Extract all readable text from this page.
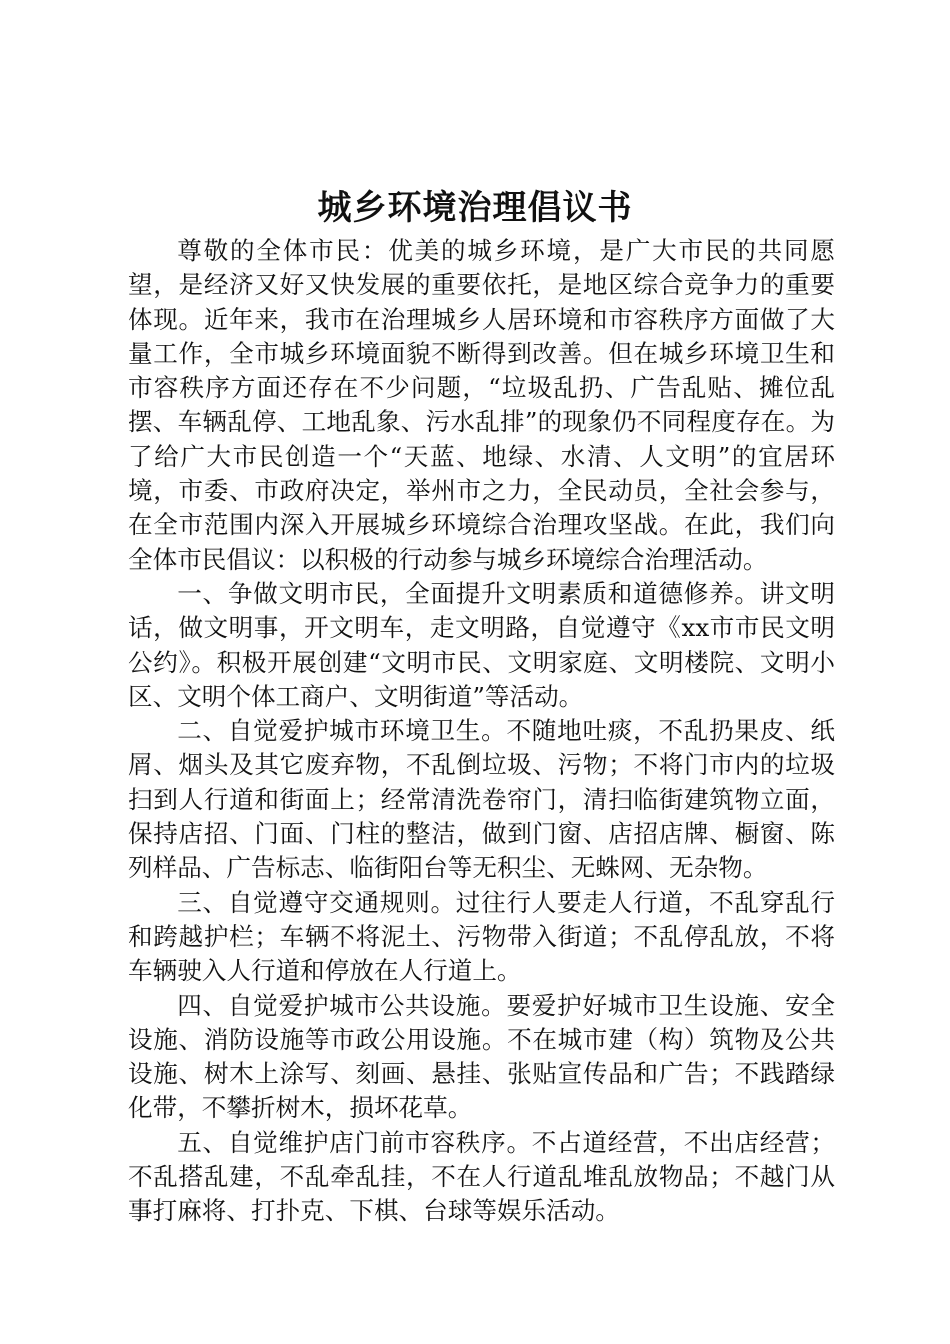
城乡环境治理倡议书

尊敬的全体市民：优美的城乡环境，是广大市民的共同愿望，是经济又好又快发展的重要依托，是地区综合竞争力的重要体现。近年来，我市在治理城乡人居环境和市容秩序方面做了大量工作，全市城乡环境面貌不断得到改善。但在城乡环境卫生和市容秩序方面还存在不少问题，“垃圾乱扔、广告乱贴、摊位乱摆、车辆乱停、工地乱象、污水乱排”的现象仍不同程度存在。为了给广大市民创造一个“天蓝、地绿、水清、人文明”的宜居环境，市委、市政府决定，举州市之力，全民动员，全社会参与，在全市范围内深入开展城乡环境综合治理攻坚战。在此，我们向全体市民倡议：以积极的行动参与城乡环境综合治理活动。

一、争做文明市民，全面提升文明素质和道德修养。讲文明话，做文明事，开文明车，走文明路，自觉遵守《xx市市民文明公约》。积极开展创建“文明市民、文明家庭、文明楼院、文明小区、文明个体工商户、文明街道”等活动。

二、自觉爱护城市环境卫生。不随地吐痰，不乱扔果皮、纸屑、烟头及其它废弃物，不乱倒垃圾、污物；不将门市内的垃圾扫到人行道和街面上；经常清洗卷帘门，清扫临街建筑物立面，保持店招、门面、门柱的整洁，做到门窗、店招店牌、橱窗、陈列样品、广告标志、临街阳台等无积尘、无蛛网、无杂物。

三、自觉遵守交通规则。过往行人要走人行道，不乱穿乱行和跨越护栏；车辆不将泥土、污物带入街道；不乱停乱放，不将车辆驶入人行道和停放在人行道上。

四、自觉爱护城市公共设施。要爱护好城市卫生设施、安全设施、消防设施等市政公用设施。不在城市建（构）筑物及公共设施、树木上涂写、刻画、悬挂、张贴宣传品和广告；不践踏绿化带，不攀折树木，损坏花草。

五、自觉维护店门前市容秩序。不占道经营，不出店经营；不乱搭乱建，不乱牵乱挂，不在人行道乱堆乱放物品；不越门从事打麻将、打扑克、下棋、台球等娱乐活动。
